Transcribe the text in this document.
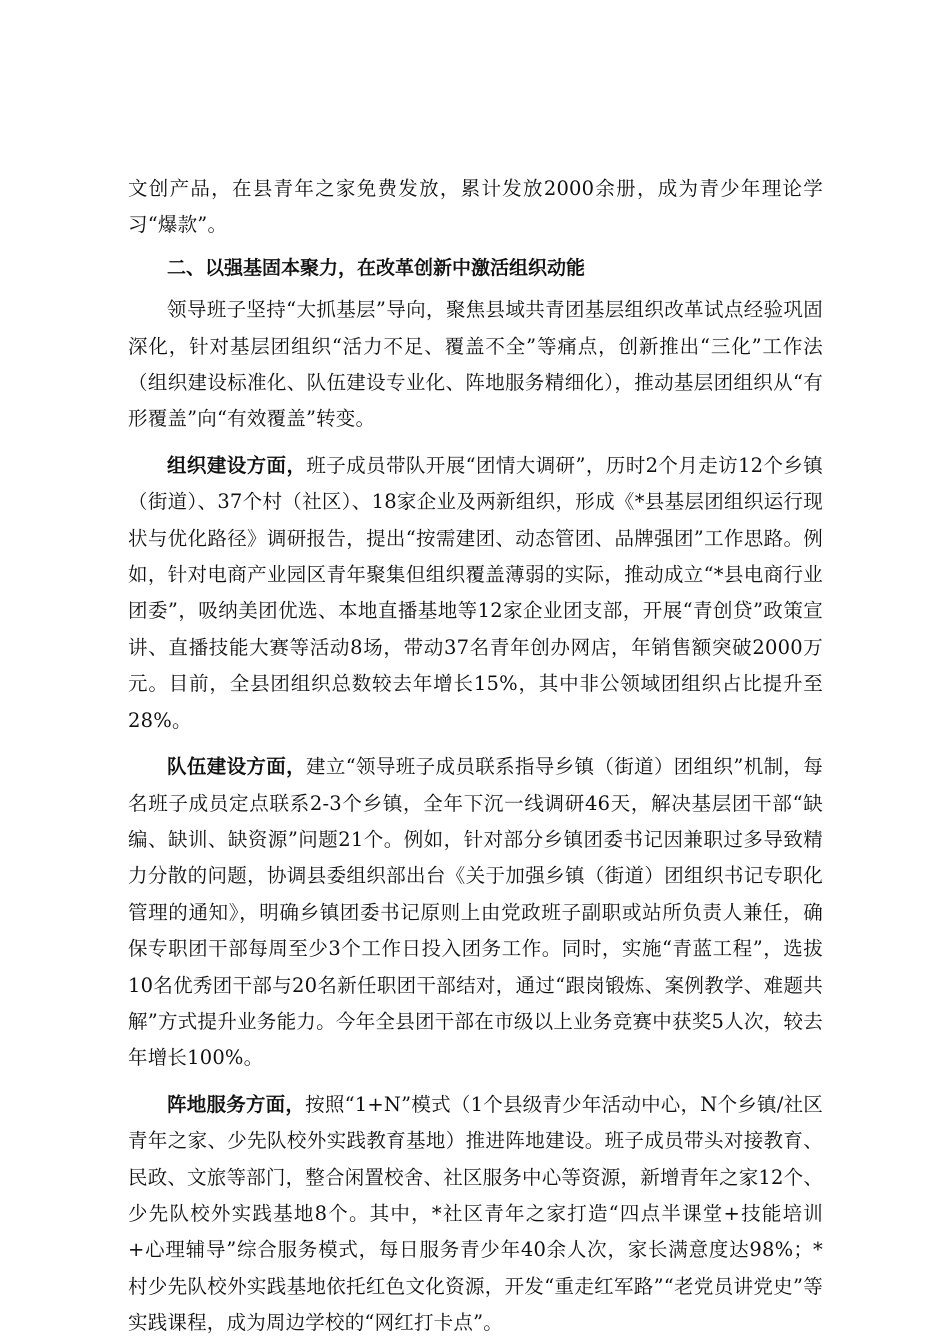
文创产品，在县青年之家免费发放，累计发放2000余册，成为青少年理论学习“爆款”。

二、以强基固本聚力，在改革创新中激活组织动能

领导班子坚持“大抓基层”导向，聚焦县域共青团基层组织改革试点经验巩固深化，针对基层团组织“活力不足、覆盖不全”等痛点，创新推出“三化”工作法（组织建设标准化、队伍建设专业化、阵地服务精细化），推动基层团组织从“有形覆盖”向“有效覆盖”转变。

组织建设方面，班子成员带队开展“团情大调研”，历时2个月走访12个乡镇（街道）、37个村（社区）、18家企业及两新组织，形成《*县基层团组织运行现状与优化路径》调研报告，提出“按需建团、动态管团、品牌强团”工作思路。例如，针对电商产业园区青年聚集但组织覆盖薄弱的实际，推动成立“*县电商行业团委”，吸纳美团优选、本地直播基地等12家企业团支部，开展“青创贷”政策宣讲、直播技能大赛等活动8场，带动37名青年创办网店，年销售额突破2000万元。目前，全县团组织总数较去年增长15%，其中非公领域团组织占比提升至28%。

队伍建设方面，建立“领导班子成员联系指导乡镇（街道）团组织”机制，每名班子成员定点联系2-3个乡镇，全年下沉一线调研46天，解决基层团干部“缺编、缺训、缺资源”问题21个。例如，针对部分乡镇团委书记因兼职过多导致精力分散的问题，协调县委组织部出台《关于加强乡镇（街道）团组织书记专职化管理的通知》，明确乡镇团委书记原则上由党政班子副职或站所负责人兼任，确保专职团干部每周至少3个工作日投入团务工作。同时，实施“青蓝工程”，选拔10名优秀团干部与20名新任职团干部结对，通过“跟岗锻炼、案例教学、难题共解”方式提升业务能力。今年全县团干部在市级以上业务竞赛中获奖5人次，较去年增长100%。

阵地服务方面，按照“1+N”模式（1个县级青少年活动中心，N个乡镇/社区青年之家、少先队校外实践教育基地）推进阵地建设。班子成员带头对接教育、民政、文旅等部门，整合闲置校舍、社区服务中心等资源，新增青年之家12个、少先队校外实践基地8个。其中，*社区青年之家打造“四点半课堂+技能培训+心理辅导”综合服务模式，每日服务青少年40余人次，家长满意度达98%；*村少先队校外实践基地依托红色文化资源，开发“重走红军路”“老党员讲党史”等实践课程，成为周边学校的“网红打卡点”。
